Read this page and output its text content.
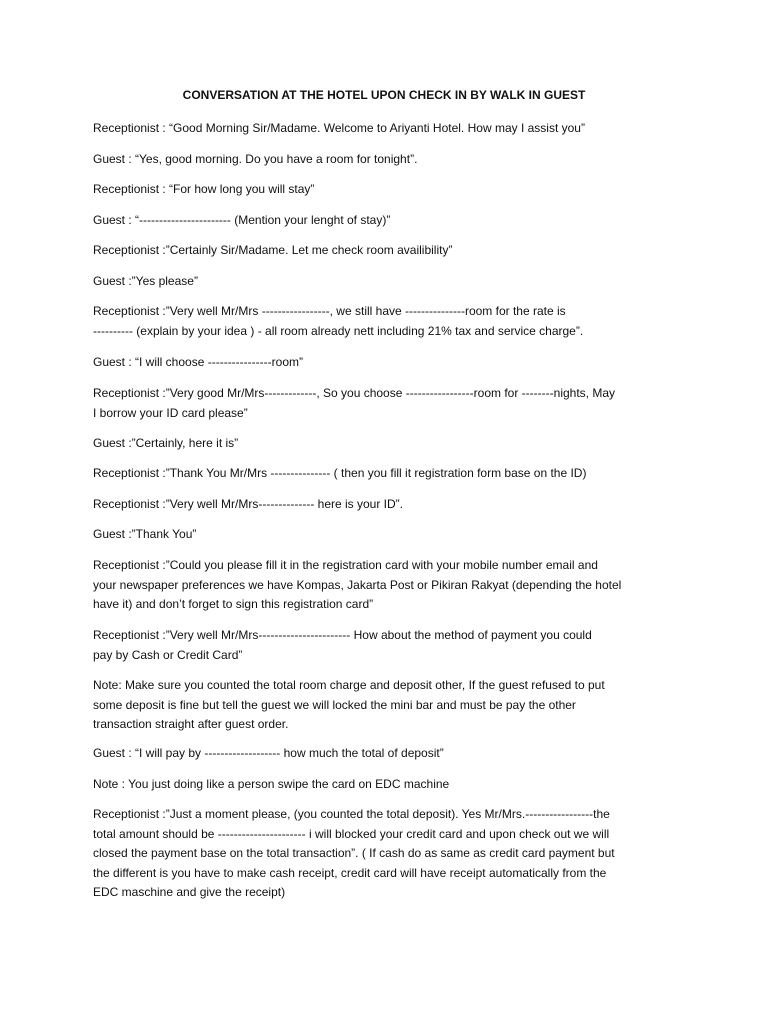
CONVERSATION AT THE HOTEL UPON CHECK IN BY WALK IN GUEST

Receptionist : “Good Morning Sir/Madame. Welcome to Ariyanti Hotel. How may I assist you”

Guest : “Yes, good morning. Do you have a room for tonight”.

Receptionist : “For how long you will stay”

Guest : “----------------------- (Mention your lenght of stay)”

Receptionist :”Certainly Sir/Madame. Let me check room availibility”

Guest :”Yes please”

Receptionist :”Very well Mr/Mrs -----------------, we still have ---------------room for the rate is
---------- (explain by your idea ) - all room already nett including 21% tax and service charge”.

Guest : “I will choose ----------------room”

Receptionist :”Very good Mr/Mrs-------------, So you choose -----------------room for --------nights, May
I borrow your ID card please”

Guest :”Certainly, here it is”

Receptionist :”Thank You Mr/Mrs --------------- ( then you fill it registration form base on the ID)

Receptionist :”Very well Mr/Mrs-------------- here is your ID”.

Guest :”Thank You”

Receptionist :”Could you please fill it in the registration card with your mobile number email and
your newspaper preferences we have Kompas, Jakarta Post or Pikiran Rakyat (depending the hotel
have it) and don’t forget to sign this registration card”

Receptionist :”Very well Mr/Mrs----------------------- How about the method of payment you could
pay by Cash or Credit Card”

Note: Make sure you counted the total room charge and deposit other, If the guest refused to put
some deposit is fine but tell the guest we will locked the mini bar and must be pay the other
transaction straight after guest order.

Guest : “I will pay by ------------------- how much the total of deposit”

Note : You just doing like a person swipe the card on EDC machine

Receptionist :”Just a moment please, (you counted the total deposit). Yes Mr/Mrs.-----------------the
total amount should be ---------------------- i will blocked your credit card and upon check out we will
closed the payment base on the total transaction”. ( If cash do as same as credit card payment but
the different is you have to make cash receipt, credit card will have receipt automatically from the
EDC maschine and give the receipt)
